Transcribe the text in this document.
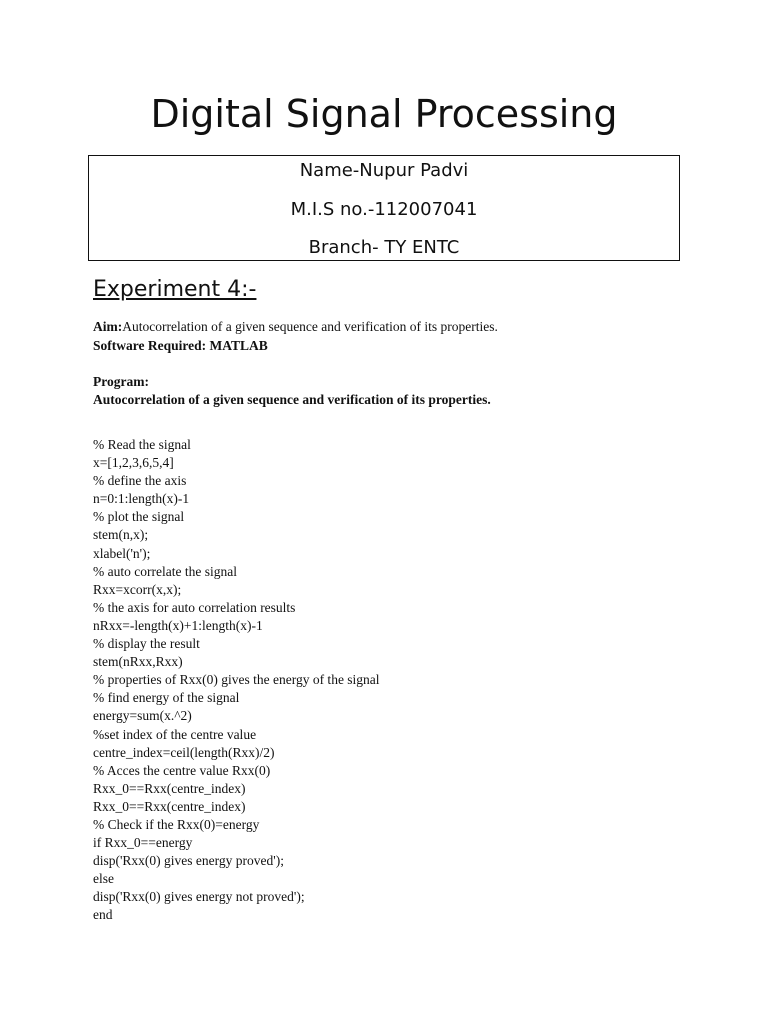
Digital Signal Processing
Name-Nupur Padvi
M.I.S no.-112007041
Branch- TY ENTC
Experiment 4:-
Aim:Autocorrelation of a given sequence and verification of its properties.
Software Required: MATLAB
Program:
Autocorrelation of a given sequence and verification of its properties.
% Read the signal
x=[1,2,3,6,5,4]
% define the axis
n=0:1:length(x)-1
% plot the signal
stem(n,x);
xlabel('n');
% auto correlate the signal
Rxx=xcorr(x,x);
% the axis for auto correlation results
nRxx=-length(x)+1:length(x)-1
% display the result
stem(nRxx,Rxx)
% properties of Rxx(0) gives the energy of the signal
% find energy of the signal
energy=sum(x.^2)
%set index of the centre value
centre_index=ceil(length(Rxx)/2)
% Acces the centre value Rxx(0)
Rxx_0==Rxx(centre_index)
Rxx_0==Rxx(centre_index)
% Check if the Rxx(0)=energy
if Rxx_0==energy
disp('Rxx(0) gives energy proved');
else
disp('Rxx(0) gives energy not proved');
end
